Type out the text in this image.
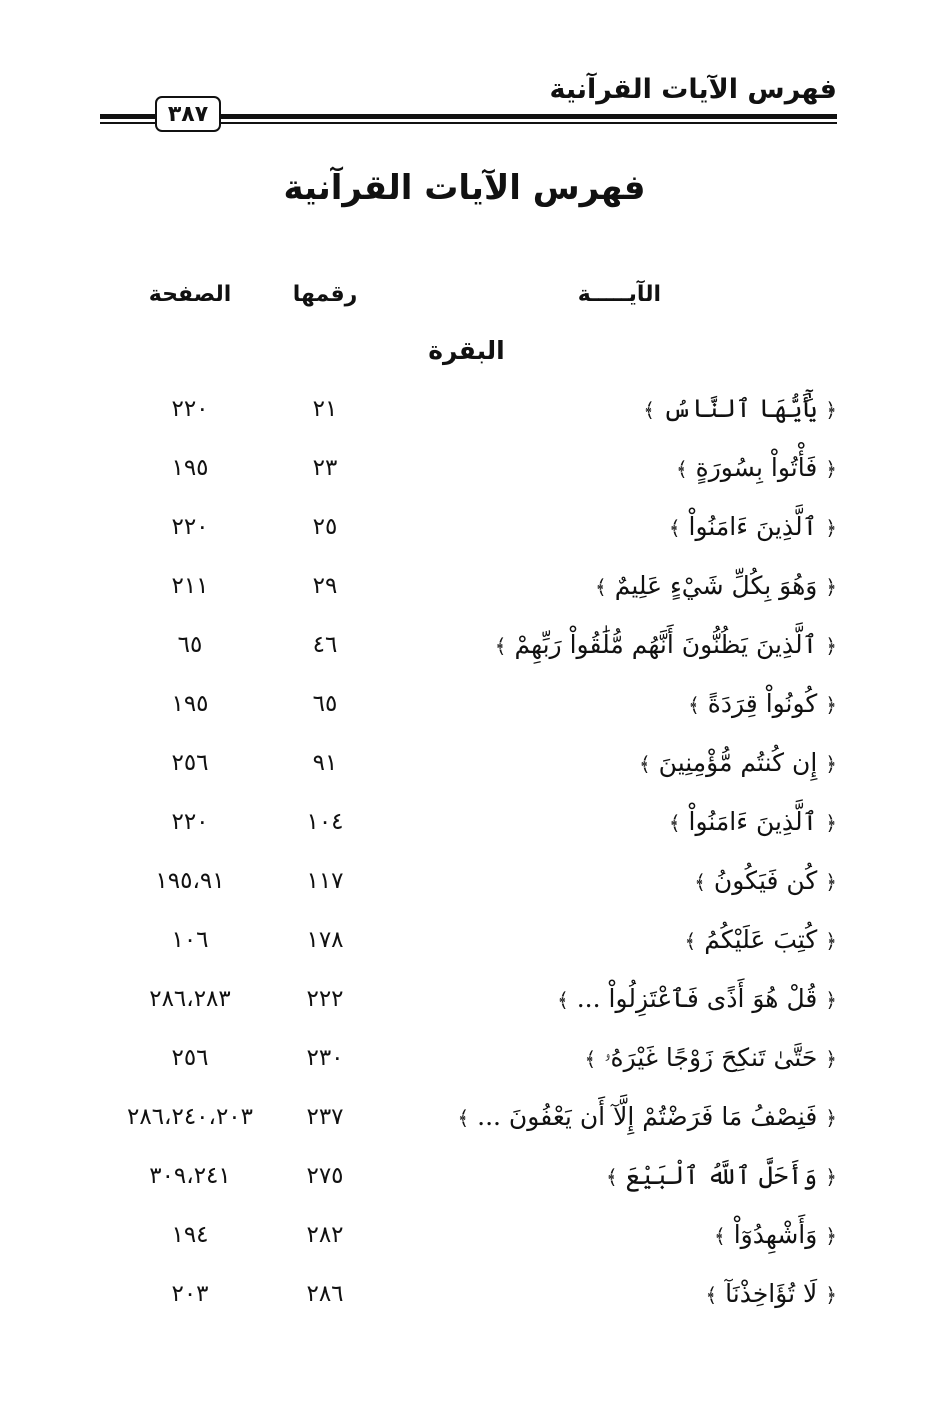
فهرس الآيات القرآنية
٣٨٧
فهرس الآيات القرآنية
الآيـــــة
رقمها
الصفحة
البقرة
﴿ يَٰٓأَيُّهَا ٱلنَّاسُ ﴾
٢١
٢٢٠
﴿ فَأْتُواْ بِسُورَةٍ ﴾
٢٣
١٩٥
﴿ ٱلَّذِينَ ءَامَنُواْ ﴾
٢٥
٢٢٠
﴿ وَهُوَ بِكُلِّ شَيْءٍ عَلِيمٌ ﴾
٢٩
٢١١
﴿ ٱلَّذِينَ يَظُنُّونَ أَنَّهُم مُّلَٰقُواْ رَبِّهِمْ ﴾
٤٦
٦٥
﴿ كُونُواْ قِرَدَةً ﴾
٦٥
١٩٥
﴿ إِن كُنتُم مُّؤْمِنِينَ ﴾
٩١
٢٥٦
﴿ ٱلَّذِينَ ءَامَنُواْ ﴾
١٠٤
٢٢٠
﴿ كُن فَيَكُونُ ﴾
١١٧
١٩٥،٩١
﴿ كُتِبَ عَلَيْكُمُ ﴾
١٧٨
١٠٦
﴿ قُلْ هُوَ أَذًى فَٱعْتَزِلُواْ ... ﴾
٢٢٢
٢٨٦،٢٨٣
﴿ حَتَّىٰ تَنكِحَ زَوْجًا غَيْرَهُۥ ﴾
٢٣٠
٢٥٦
﴿ فَنِصْفُ مَا فَرَضْتُمْ إِلَّآ أَن يَعْفُونَ ... ﴾
٢٣٧
٢٨٦،٢٤٠،٢٠٣
﴿ وَأَحَلَّ ٱللَّهُ ٱلْبَيْعَ ﴾
٢٧٥
٣٠٩،٢٤١
﴿ وَأَشْهِدُوٓاْ ﴾
٢٨٢
١٩٤
﴿ لَا تُؤَاخِذْنَآ ﴾
٢٨٦
٢٠٣
